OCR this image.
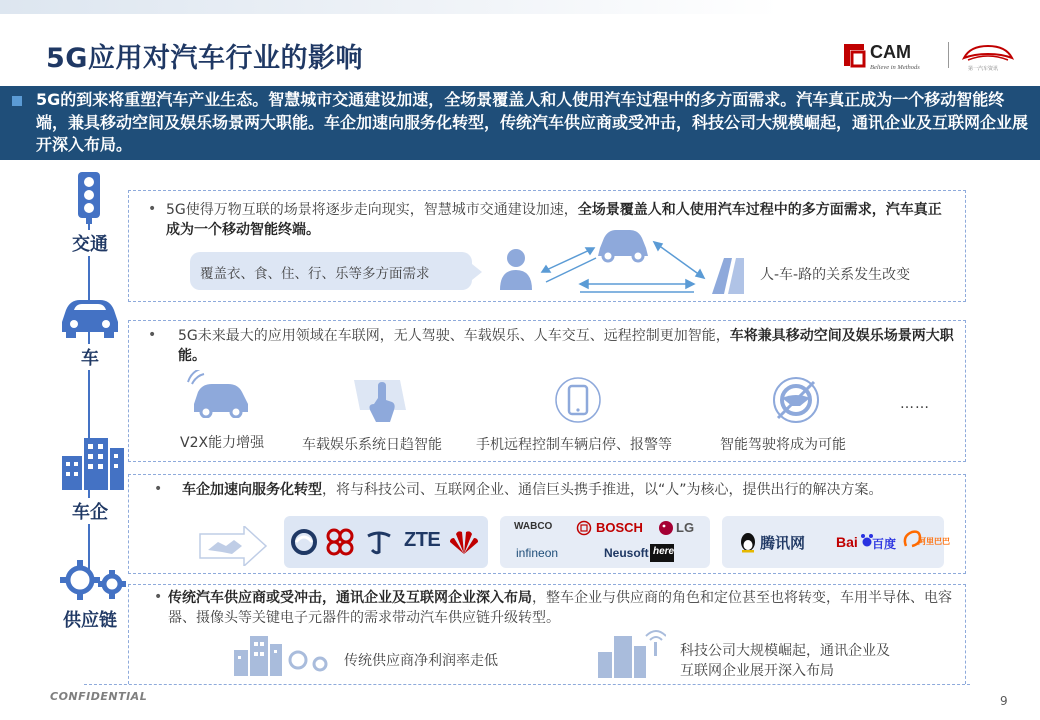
5G应用对汽车行业的影响	CAM
Believe in Methods	第一汽车资讯
5G的到来将重塑汽车产业生态。智慧城市交通建设加速，全场景覆盖人和人使用汽车过程中的多方面需求。汽车真正成为一个移动智能终端，兼具移动空间及娱乐场景两大职能。车企加速向服务化转型，传统汽车供应商或受冲击，科技公司大规模崛起，通讯企业及互联网企业展开深入布局。
交通
车
车企
供应链
• 5G使得万物互联的场景将逐步走向现实，智慧城市交通建设加速，全场景覆盖人和人使用汽车过程中的多方面需求，汽车真正成为一个移动智能终端。
覆盖衣、食、住、行、乐等多方面需求	人-车-路的关系发生改变
• 5G未来最大的应用领域在车联网，无人驾驶、车载娱乐、人车交互、远程控制更加智能，车将兼具移动空间及娱乐场景两大职能。
……
V2X能力增强	车载娱乐系统日趋智能 手机远程控制车辆启停、报警等	智能驾驶将成为可能
• 车企加速向服务化转型，将与科技公司、互联网企业、通信巨头携手推进，以“人”为核心，提供出行的解决方案。
ZTE
WABCO	BOSCH	LG
infineon	Neusoft here	腾讯网 Bai 百度	阿里巴巴
• 传统汽车供应商或受冲击，通讯企业及互联网企业深入布局，整车企业与供应商的角色和定位甚至也将转变，车用半导体、电容器、摄像头等关键电子元器件的需求带动汽车供应链升级转型。
传统供应商净利润率走低
科技公司大规模崛起，通讯企业及
互联网企业展开深入布局
CONFIDENTIAL	9
